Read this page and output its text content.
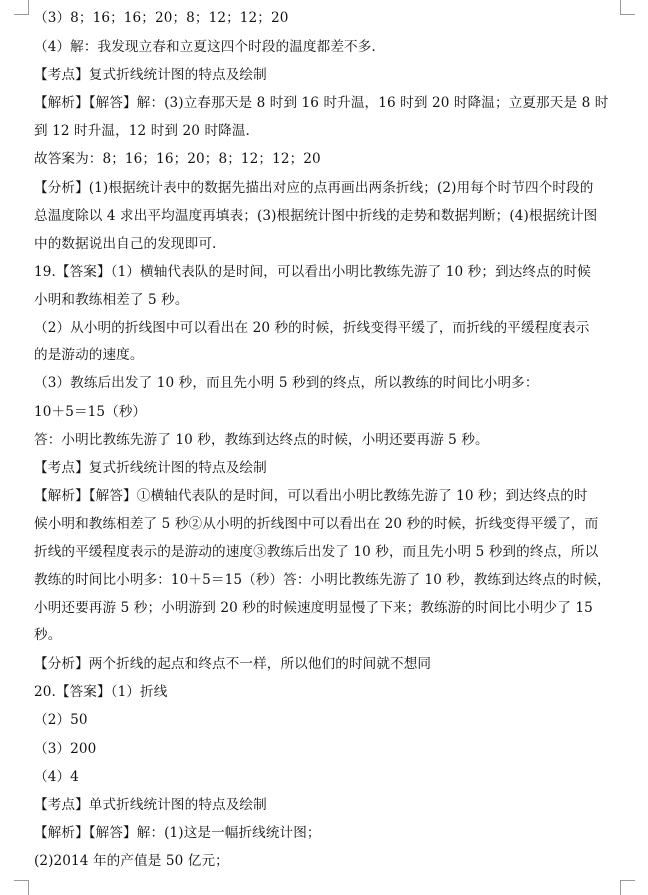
（3）8；16；16；20；8；12；12；20
（4）解：我发现立春和立夏这四个时段的温度都差不多.
【考点】复式折线统计图的特点及绘制
【解析】【解答】解：(3)立春那天是 8 时到 16 时升温，16 时到 20 时降温；立夏那天是 8 时
到 12 时升温，12 时到 20 时降温.
故答案为：8；16；16；20；8；12；12；20
【分析】(1)根据统计表中的数据先描出对应的点再画出两条折线；(2)用每个时节四个时段的
总温度除以 4 求出平均温度再填表；(3)根据统计图中折线的走势和数据判断；(4)根据统计图
中的数据说出自己的发现即可.
19.【答案】（1）横轴代表队的是时间，可以看出小明比教练先游了 10 秒；到达终点的时候
小明和教练相差了 5 秒。
（2）从小明的折线图中可以看出在 20 秒的时候，折线变得平缓了，而折线的平缓程度表示
的是游动的速度。
（3）教练后出发了 10 秒，而且先小明 5 秒到的终点，所以教练的时间比小明多：
10＋5＝15（秒）
答：小明比教练先游了 10 秒，教练到达终点的时候，小明还要再游 5 秒。
【考点】复式折线统计图的特点及绘制
【解析】【解答】①横轴代表队的是时间，可以看出小明比教练先游了 10 秒；到达终点的时
候小明和教练相差了 5 秒②从小明的折线图中可以看出在 20 秒的时候，折线变得平缓了，而
折线的平缓程度表示的是游动的速度③教练后出发了 10 秒，而且先小明 5 秒到的终点，所以
教练的时间比小明多：10＋5＝15（秒）答：小明比教练先游了 10 秒，教练到达终点的时候，
小明还要再游 5 秒；小明游到 20 秒的时候速度明显慢了下来；教练游的时间比小明少了 15
秒。
【分析】两个折线的起点和终点不一样，所以他们的时间就不想同
20.【答案】（1）折线
（2）50
（3）200
（4）4
【考点】单式折线统计图的特点及绘制
【解析】【解答】解：(1)这是一幅折线统计图；
(2)2014 年的产值是 50 亿元；
